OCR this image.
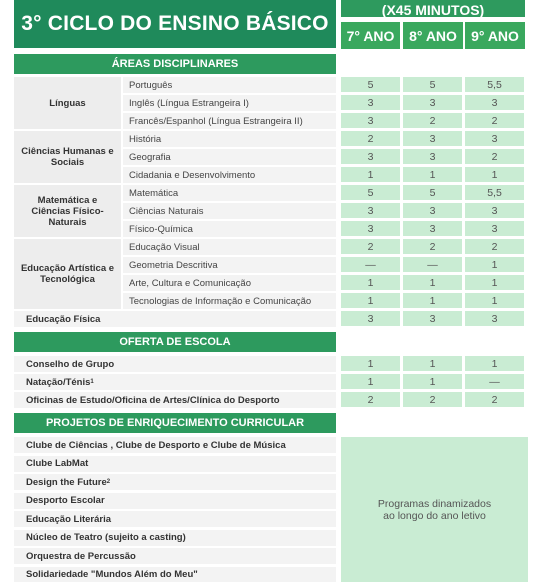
3° CICLO DO ENSINO BÁSICO
(X45 MINUTOS)
7° ANO	8° ANO	9° ANO
ÁREAS DISCIPLINARES
Línguas
Português	5	5	5,5
Inglês (Língua Estrangeira I)	3	3	3
Francês/Espanhol (Língua Estrangeira II)	3	2	2
Ciências Humanas e Sociais
História	2	3	3
Geografia	3	3	2
Cidadania e Desenvolvimento	1	1	1
Matemática e Ciências Físico-Naturais
Matemática	5	5	5,5
Ciências Naturais	3	3	3
Físico-Química	3	3	3
Educação Artística e Tecnológica
Educação Visual	2	2	2
Geometria Descritiva	—	—	1
Arte, Cultura e Comunicação	1	1	1
Tecnologias de Informação e Comunicação	1	1	1
Educação Física	3	3	3
OFERTA DE ESCOLA
Conselho de Grupo	1	1	1
Natação/Ténis 1	1	1	—
Oficinas de Estudo/Oficina de Artes/Clínica do Desporto	2	2	2
PROJETOS DE ENRIQUECIMENTO CURRICULAR
Clube de Ciências , Clube de Desporto e Clube de Música
Clube LabMat
Design the Future 2
Desporto Escolar
Educação Literária
Núcleo de Teatro (sujeito a casting)
Orquestra de Percussão
Solidariedade "Mundos Além do Meu"
Programas dinamizados ao longo do ano letivo
